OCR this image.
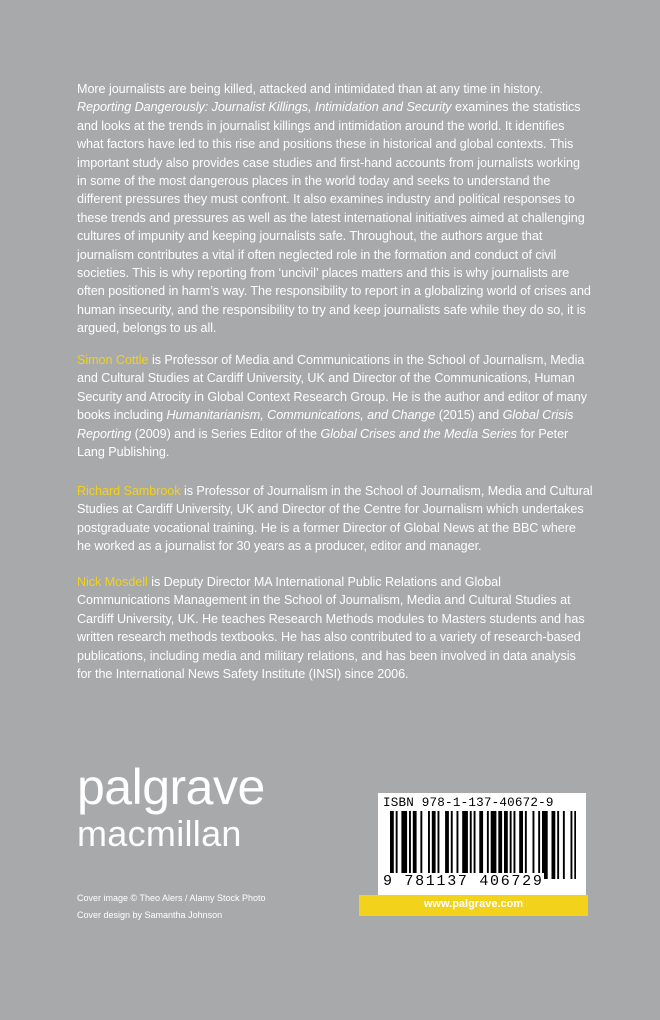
More journalists are being killed, attacked and intimidated than at any time in history. Reporting Dangerously: Journalist Killings, Intimidation and Security examines the statistics and looks at the trends in journalist killings and intimidation around the world. It identifies what factors have led to this rise and positions these in historical and global contexts. This important study also provides case studies and first-hand accounts from journalists working in some of the most dangerous places in the world today and seeks to understand the different pressures they must confront. It also examines industry and political responses to these trends and pressures as well as the latest international initiatives aimed at challenging cultures of impunity and keeping journalists safe. Throughout, the authors argue that journalism contributes a vital if often neglected role in the formation and conduct of civil societies. This is why reporting from ‘uncivil’ places matters and this is why journalists are often positioned in harm’s way. The responsibility to report in a globalizing world of crises and human insecurity, and the responsibility to try and keep journalists safe while they do so, it is argued, belongs to us all.

Simon Cottle is Professor of Media and Communications in the School of Journalism, Media and Cultural Studies at Cardiff University, UK and Director of the Communications, Human Security and Atrocity in Global Context Research Group. He is the author and editor of many books including Humanitarianism, Communications, and Change (2015) and Global Crisis Reporting (2009) and is Series Editor of the Global Crises and the Media Series for Peter Lang Publishing.

Richard Sambrook is Professor of Journalism in the School of Journalism, Media and Cultural Studies at Cardiff University, UK and Director of the Centre for Journalism which undertakes postgraduate vocational training. He is a former Director of Global News at the BBC where he worked as a journalist for 30 years as a producer, editor and manager.

Nick Mosdell is Deputy Director MA International Public Relations and Global Communications Management in the School of Journalism, Media and Cultural Studies at Cardiff University, UK. He teaches Research Methods modules to Masters students and has written research methods textbooks. He has also contributed to a variety of research-based publications, including media and military relations, and has been involved in data analysis for the International News Safety Institute (INSI) since 2006.

palgrave
macmillan
Cover image © Theo Alers / Alamy Stock Photo
Cover design by Samantha Johnson
ISBN 978-1-137-40672-9
9 781137 406729
www.palgrave.com
